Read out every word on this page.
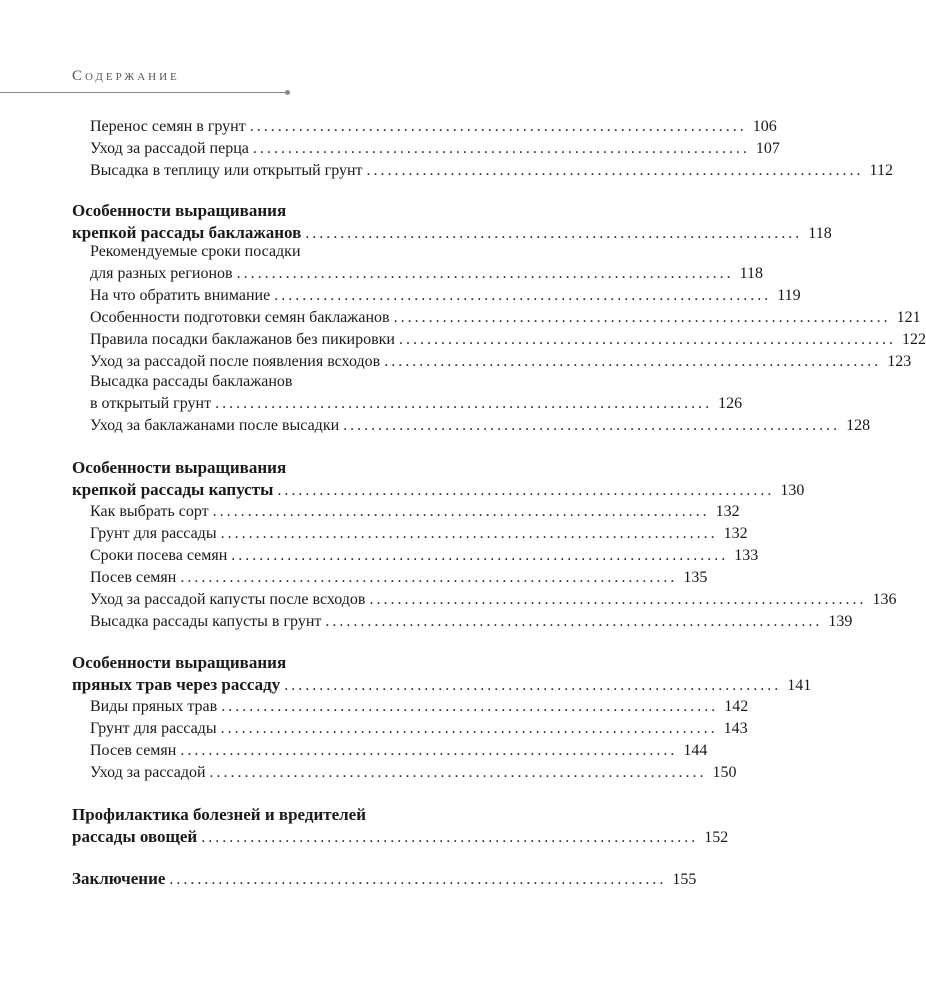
Содержание
Перенос семян в грунт ....................................................................... 106
Уход за рассадой перца ....................................................................... 107
Высадка в теплицу или открытый грунт ....................................................................... 112
Особенности выращивания
крепкой рассады баклажанов ....................................................................... 118
Рекомендуемые сроки посадки
для разных регионов ....................................................................... 118
На что обратить внимание ....................................................................... 119
Особенности подготовки семян баклажанов ....................................................................... 121
Правила посадки баклажанов без пикировки ....................................................................... 122
Уход за рассадой после появления всходов ....................................................................... 123
Высадка рассады баклажанов
в открытый грунт ....................................................................... 126
Уход за баклажанами после высадки ....................................................................... 128
Особенности выращивания
крепкой рассады капусты ....................................................................... 130
Как выбрать сорт ....................................................................... 132
Грунт для рассады ....................................................................... 132
Сроки посева семян ....................................................................... 133
Посев семян ....................................................................... 135
Уход за рассадой капусты после всходов ....................................................................... 136
Высадка рассады капусты в грунт ....................................................................... 139
Особенности выращивания
пряных трав через рассаду ....................................................................... 141
Виды пряных трав ....................................................................... 142
Грунт для рассады ....................................................................... 143
Посев семян ....................................................................... 144
Уход за рассадой ....................................................................... 150
Профилактика болезней и вредителей
рассады овощей ....................................................................... 152
Заключение ....................................................................... 155
